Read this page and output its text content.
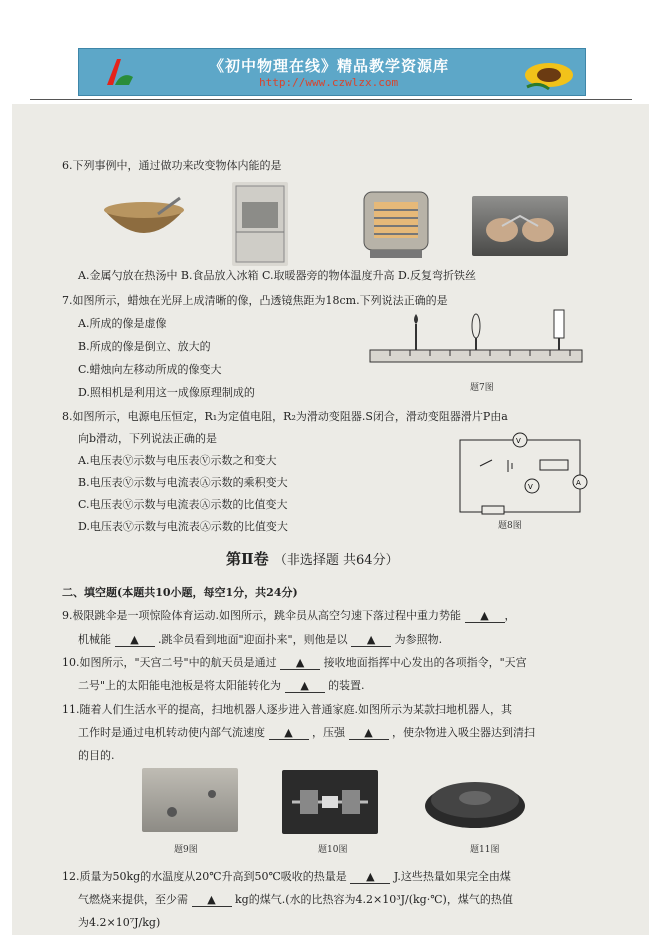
《初中物理在线》精品教学资源库
http://www.czwlzx.com
6.下列事例中，通过做功来改变物体内能的是
A.金属勺放在热汤中 B.食品放入冰箱 C.取暖器旁的物体温度升高 D.反复弯折铁丝
7.如图所示，蜡烛在光屏上成清晰的像，凸透镜焦距为18cm.下列说法正确的是
A.所成的像是虚像
B.所成的像是倒立、放大的
C.蜡烛向左移动所成的像变大
D.照相机是利用这一成像原理制成的	题7图
8.如图所示，电源电压恒定，R₁为定值电阻，R₂为滑动变阻器.S闭合，滑动变阻器滑片P由a
向b滑动，下列说法正确的是
A.电压表Ⓥ示数与电压表Ⓥ示数之和变大
B.电压表Ⓥ示数与电流表Ⓐ示数的乘积变大
C.电压表Ⓥ示数与电流表Ⓐ示数的比值变大
D.电压表Ⓥ示数与电流表Ⓐ示数的比值变大
V
V	A
题8图
第Ⅱ卷 （非选择题 共64分）
二、填空题(本题共10小题，每空1分，共24分)
9.极限跳伞是一项惊险体育运动.如图所示，跳伞员从高空匀速下落过程中重力势能 ▲ ，
机械能 ▲ .跳伞员看到地面"迎面扑来"，则他是以 ▲ 为参照物.
10.如图所示，"天宫二号"中的航天员是通过 ▲ 接收地面指挥中心发出的各项指令，"天宫
二号"上的太阳能电池板是将太阳能转化为 ▲ 的装置.
11.随着人们生活水平的提高，扫地机器人逐步进入普通家庭.如图所示为某款扫地机器人，其
工作时是通过电机转动使内部气流速度 ▲ ，压强 ▲ ，使杂物进入吸尘器达到清扫
的目的.
题9图	题10图	题11图
12.质量为50kg的水温度从20℃升高到50℃吸收的热量是 ▲ J.这些热量如果完全由煤
气燃烧来提供，至少需 ▲ kg的煤气.(水的比热容为4.2×10³J/(kg·℃)，煤气的热值
为4.2×10⁷J/kg)
